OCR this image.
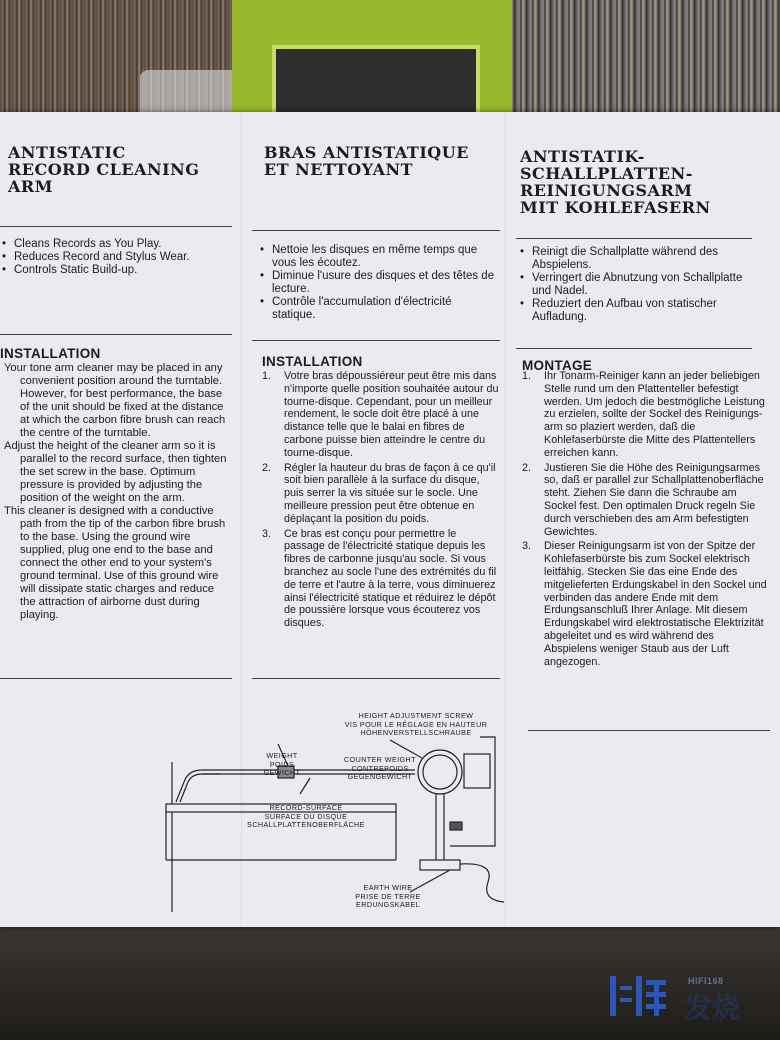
ANTISTATIC
RECORD CLEANING
ARM
• Cleans Records as You Play.
• Reduces Record and Stylus Wear.
• Controls Static Build-up.
INSTALLATION

Your tone arm cleaner may be placed in any convenient position around the turntable. However, for best performance, the base of the unit should be fixed at the distance at which the carbon fibre brush can reach the centre of the turntable.

Adjust the height of the cleaner arm so it is parallel to the record surface, then tighten the set screw in the base. Optimum pressure is provided by adjusting the position of the weight on the arm.

This cleaner is designed with a conductive path from the tip of the carbon fibre brush to the base. Using the ground wire supplied, plug one end to the base and connect the other end to your system's ground terminal. Use of this ground wire will dissipate static charges and reduce the attraction of airborne dust during playing.

BRAS ANTISTATIQUE
ET NETTOYANT
• Nettoie les disques en même temps que vous les écoutez.
• Diminue l'usure des disques et des têtes de lecture.
• Contrôle l'accumulation d'électricité statique.
INSTALLATION
1. Votre bras dépoussiéreur peut être mis dans n'importe quelle position souhaitée autour du tourne-disque. Cependant, pour un meilleur rendement, le socle doit être placé à une distance telle que le balai en fibres de carbone puisse bien atteindre le centre du tourne-disque.
2. Régler la hauteur du bras de façon à ce qu'il soit bien parallèle à la surface du disque, puis serrer la vis située sur le socle. Une meilleure pression peut être obtenue en déplaçant la position du poids.
3. Ce bras est conçu pour permettre le passage de l'électricité statique depuis les fibres de carbonne jusqu'au socle. Si vous branchez au socle l'une des extrémités du fil de terre et l'autre à la terre, vous diminuerez ainsi l'électricité statique et réduirez le dépôt de poussière lorsque vous écouterez vos disques.
ANTISTATIK-
SCHALLPLATTEN-
REINIGUNGSARM
MIT KOHLEFASERN
• Reinigt die Schallplatte während des Abspielens.
• Verringert die Abnutzung von Schallplatte und Nadel.
• Reduziert den Aufbau von statischer Aufladung.
MONTAGE
1. Ihr Tonarm-Reiniger kann an jeder beliebigen Stelle rund um den Plattenteller befestigt werden. Um jedoch die bestmögliche Leistung zu erzielen, sollte der Sockel des Reinigungs-arm so plaziert werden, daß die Kohlefaserbürste die Mitte des Plattentellers erreichen kann.
2. Justieren Sie die Höhe des Reinigungsarmes so, daß er parallel zur Schallplattenoberfläche steht. Ziehen Sie dann die Schraube am Sockel fest. Den optimalen Druck regeln Sie durch verschieben des am Arm befestigten Gewichtes.
3. Dieser Reinigungsarm ist von der Spitze der Kohlefaserbürste bis zum Sockel elektrisch leitfähig. Stecken Sie das eine Ende des mitgelieferten Erdungskabel in den Sockel und verbinden das andere Ende mit dem Erdungsanschluß Ihrer Anlage. Mit diesem Erdungskabel wird elektrostatische Elektrizität abgeleitet und es wird während des Abspielens weniger Staub aus der Luft angezogen.
HEIGHT ADJUSTMENT SCREW
VIS POUR LE RÉGLAGE EN HAUTEUR
HÖHENVERSTELLSCHRAUBE
WEIGHT
POIDS
GEWICHT
COUNTER WEIGHT
CONTREPOIDS
GEGENGEWICHT
RECORD-SURFACE
SURFACE DU DISQUE
SCHALLPLATTENOBERFLÄCHE
EARTH WIRE
PRISE DE TERRE
ERDUNGSKABEL
HIFI168
发烧
